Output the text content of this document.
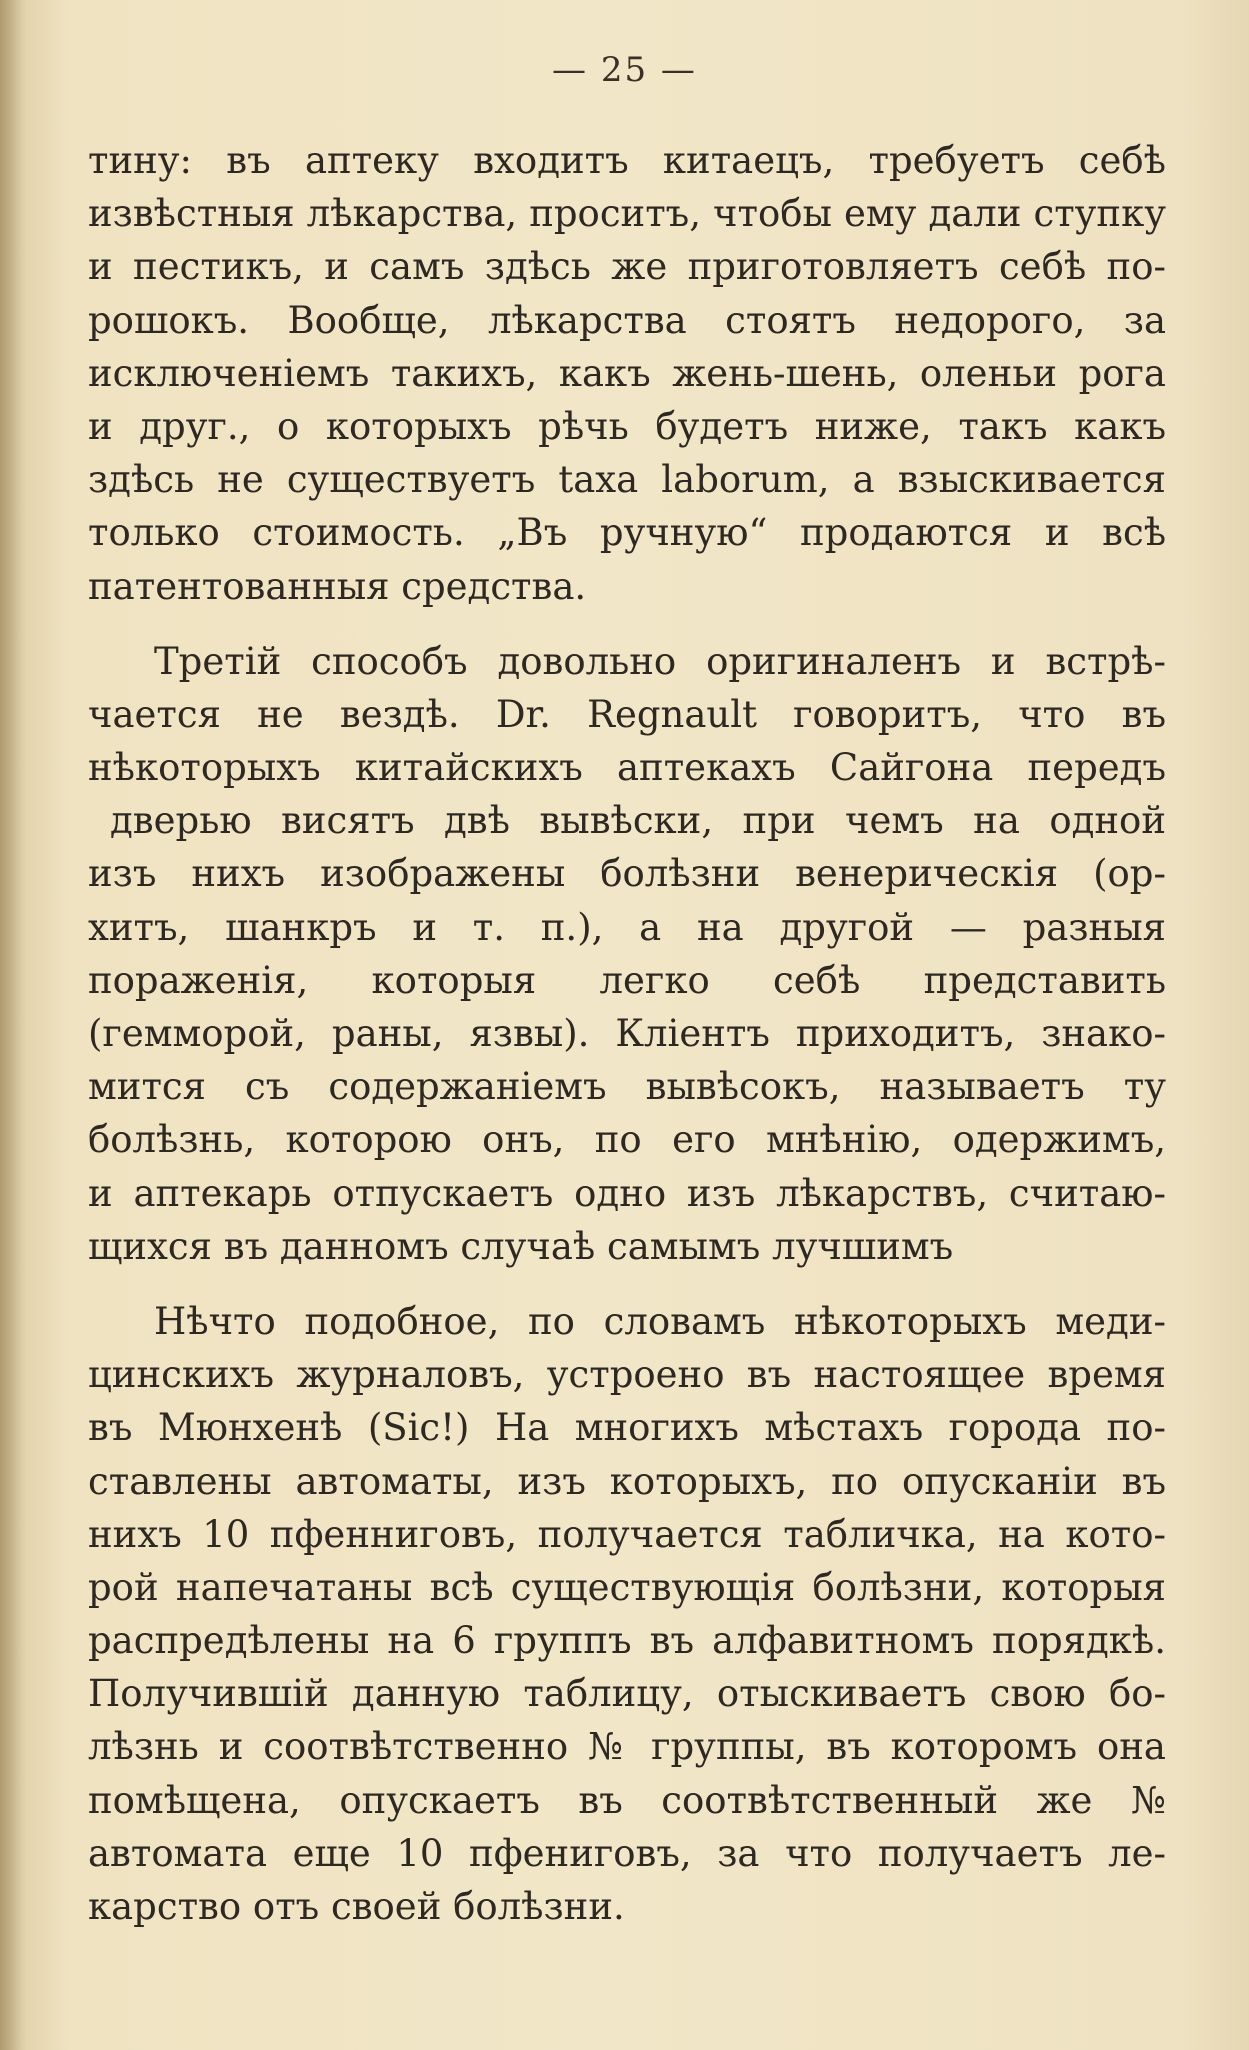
— 25 —
тину: въ аптеку входитъ китаецъ, требуетъ себѣ
извѣстныя лѣкарства, проситъ, чтобы ему дали ступку
и пестикъ, и самъ здѣсь же приготовляетъ себѣ по-
рошокъ. Вообще, лѣкарства стоятъ недорого, за
исключеніемъ такихъ, какъ жень-шень, оленьи рога
и друг., о которыхъ рѣчь будетъ ниже, такъ какъ
здѣсь не существуетъ taxa laborum, а взыскивается
только стоимость. „Въ ручную“ продаются и всѣ
патентованныя средства.
Третій способъ довольно оригиналенъ и встрѣ-
чается не вездѣ. Dr. Regnault говоритъ, что въ
нѣкоторыхъ китайскихъ аптекахъ Сайгона передъ
дверью висятъ двѣ вывѣски, при чемъ на одной
изъ нихъ изображены болѣзни венерическія (ор-
хитъ, шанкръ и т. п.), а на другой — разныя
пораженія, которыя легко себѣ представить
(гемморой, раны, язвы). Кліентъ приходитъ, знако-
мится съ содержаніемъ вывѣсокъ, называетъ ту
болѣзнь, которою онъ, по его мнѣнію, одержимъ,
и аптекарь отпускаетъ одно изъ лѣкарствъ, считаю-
щихся въ данномъ случаѣ самымъ лучшимъ
Нѣчто подобное, по словамъ нѣкоторыхъ меди-
цинскихъ журналовъ, устроено въ настоящее время
въ Мюнхенѣ (Sic!) На многихъ мѣстахъ города по-
ставлены автоматы, изъ которыхъ, по опусканіи въ
нихъ 10 пфенниговъ, получается табличка, на кото-
рой напечатаны всѣ существующія болѣзни, которыя
распредѣлены на 6 группъ въ алфавитномъ порядкѣ.
Получившій данную таблицу, отыскиваетъ свою бо-
лѣзнь и соотвѣтственно № группы, въ которомъ она
помѣщена, опускаетъ въ соотвѣтственный же №
автомата еще 10 пфениговъ, за что получаетъ ле-
карство отъ своей болѣзни.
